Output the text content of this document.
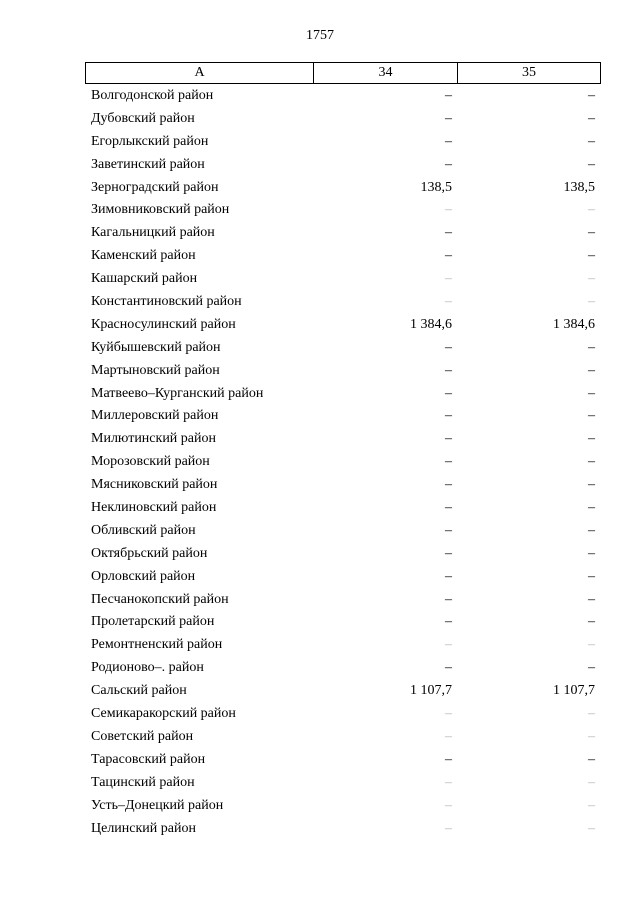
1757
А	34	35
Волгодонской район	–	–
Дубовский район	–	–
Егорлыкский район	–	–
Заветинский район	–	–
Зерноградский район	138,5	138,5
Зимовниковский район	–	–
Кагальницкий район	–	–
Каменский район	–	–
Кашарский район	–	–
Константиновский район	–	–
Красносулинский район	1 384,6	1 384,6
Куйбышевский район	–	–
Мартыновский район	–	–
Матвеево–Курганский район	–	–
Миллеровский район	–	–
Милютинский район	–	–
Морозовский район	–	–
Мясниковский район	–	–
Неклиновский район	–	–
Обливский район	–	–
Октябрьский район	–	–
Орловский район	–	–
Песчанокопский район	–	–
Пролетарский район	–	–
Ремонтненский район	–	–
Родионово–. район	–	–
Сальский район	1 107,7	1 107,7
Семикаракорский район	–	–
Советский район	–	–
Тарасовский район	–	–
Тацинский район	–	–
Усть–Донецкий район	–	–
Целинский район	–	–
